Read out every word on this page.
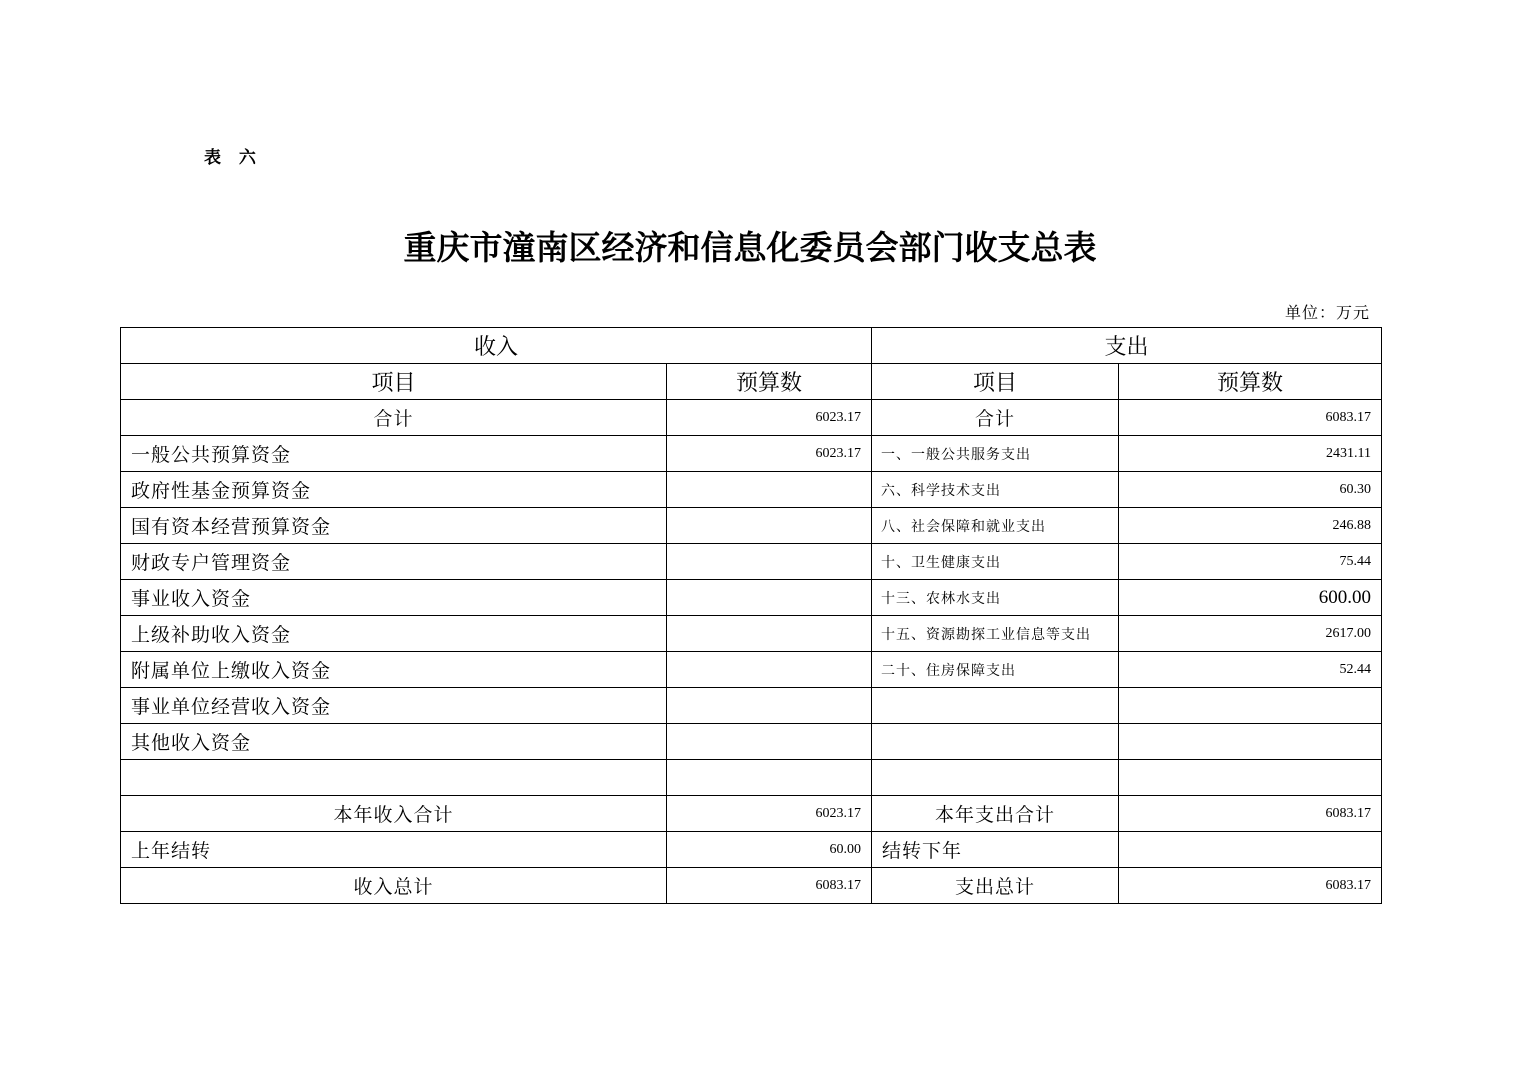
表 六
重庆市潼南区经济和信息化委员会部门收支总表
单位：万元
收入		支出	
项目	预算数	项目	预算数
合计	6023.17	合计	6083.17
一般公共预算资金	6023.17	一、一般公共服务支出	2431.11
政府性基金预算资金		六、科学技术支出	60.30
国有资本经营预算资金		八、社会保障和就业支出	246.88
财政专户管理资金		十、卫生健康支出	75.44
事业收入资金		十三、农林水支出	600.00
上级补助收入资金		十五、资源勘探工业信息等支出	2617.00
附属单位上缴收入资金		二十、住房保障支出	52.44
事业单位经营收入资金			
其他收入资金			

本年收入合计	6023.17	本年支出合计	6083.17
上年结转	60.00	结转下年	
收入总计	6083.17	支出总计	6083.17
